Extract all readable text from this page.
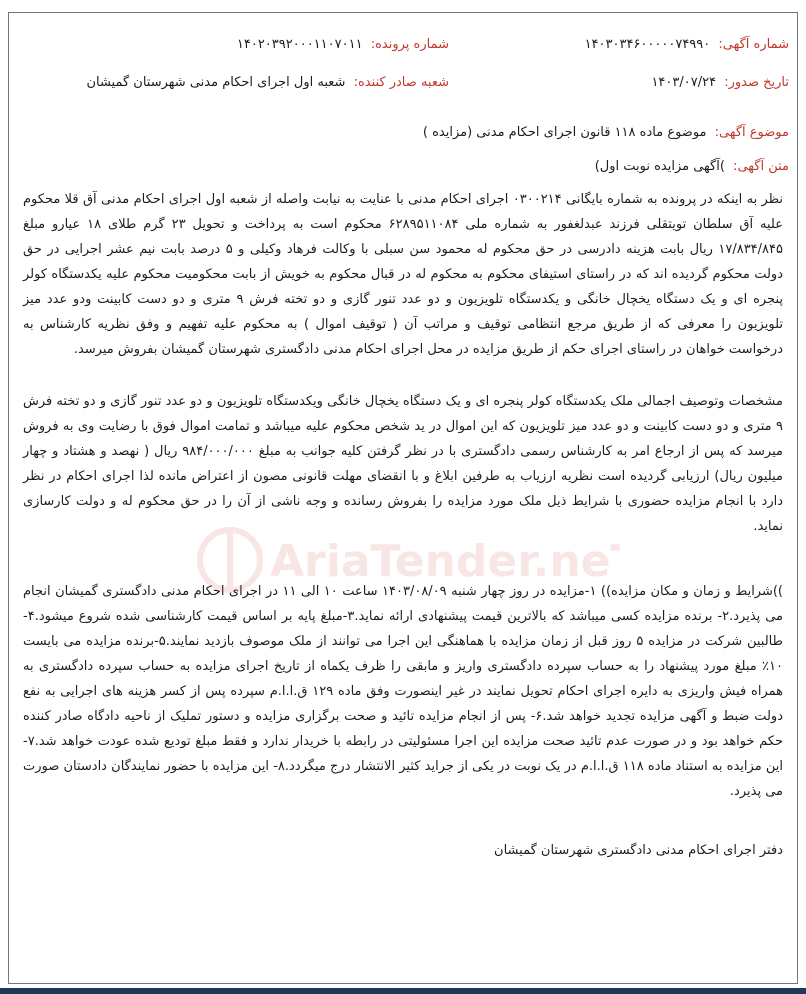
شماره آگهی: ۱۴۰۳۰۳۴۶۰۰۰۰۰۷۴۹۹۰
شماره پرونده: ۱۴۰۲۰۳۹۲۰۰۰۱۱۰۷۰۱۱
تاریخ صدور: ۱۴۰۳/۰۷/۲۴
شعبه صادر کننده: شعبه اول اجرای احکام مدنی شهرستان گمیشان
موضوع آگهی: موضوع ماده ۱۱۸ قانون اجرای احکام مدنی (مزایده )
متن آگهی: )آگهی مزایده نوبت اول)
نظر به اینکه در پرونده به شماره بایگانی ۰۳۰۰۲۱۴ اجرای احکام مدنی با عنایت به نیابت واصله از شعبه اول اجرای احکام مدنی آق قلا محکوم علیه آق سلطان تویتقلی فرزند عبدلغفور به شماره ملی ۶۲۸۹۵۱۱۰۸۴ محکوم است به پرداخت و تحویل ۲۳ گرم طلای ۱۸ عیارو مبلغ ۱۷/۸۳۴/۸۴۵ ریال بابت هزینه دادرسی در حق محکوم له محمود سن سبلی با وکالت فرهاد وکیلی و ۵ درصد بابت نیم عشر اجرایی در حق دولت محکوم گردیده اند که در راستای استیفای محکوم به محکوم له در قبال محکوم به خویش از بابت محکومیت محکوم علیه یکدستگاه کولر پنجره ای و یک دستگاه یخچال خانگی و یکدستگاه تلویزیون و دو عدد تنور گازی و دو تخته فرش ۹ متری و دو دست کابینت ودو عدد میز تلویزیون را معرفی که از طریق مرجع انتظامی توقیف و مراتب آن ( توقیف اموال ) به محکوم علیه تفهیم و وفق نظریه کارشناس به درخواست خواهان در راستای اجرای حکم از طریق مزایده در محل اجرای احکام مدنی دادگستری شهرستان گمیشان بفروش میرسد.
مشخصات وتوصیف اجمالی ملک یکدستگاه کولر پنجره ای و یک دستگاه یخچال خانگی ویکدستگاه تلویزیون و دو عدد تنور گازی و دو تخته فرش ۹ متری و دو دست کابینت و دو عدد میز تلویزیون که این اموال در ید شخص محکوم علیه میباشد و تمامت اموال فوق با رضایت وی به فروش میرسد که پس از ارجاع امر به کارشناس رسمی دادگستری با در نظر گرفتن کلیه جوانب به مبلغ ۹۸۴/۰۰۰/۰۰۰ ریال ( نهصد و هشتاد و چهار میلیون ریال) ارزیابی گردیده است نظریه ارزیاب به طرفین ابلاغ و با انقضای مهلت قانونی مصون از اعتراض مانده لذا اجرای احکام در نظر دارد با انجام مزایده حضوری با شرایط ذیل ملک مورد مزایده را بفروش رسانده و وجه ناشی از آن را در حق محکوم له و دولت کارسازی نماید.
))شرایط و زمان و مکان مزایده)) ۱-مزایده در روز چهار شنبه ۱۴۰۳/۰۸/۰۹ ساعت ۱۰ الی ۱۱ در اجرای احکام مدنی دادگستری گمیشان انجام می پذیرد.۲- برنده مزایده کسی میباشد که بالاترین قیمت پیشنهادی ارائه نماید.۳-مبلغ پایه بر اساس قیمت کارشناسی شده شروع میشود.۴-طالبین شرکت در مزایده ۵ روز قبل از زمان مزایده با هماهنگی این اجرا می توانند از ملک موصوف بازدید نمایند.۵-برنده مزایده می بایست ۱۰٪ مبلغ مورد پیشنهاد را به حساب سپرده دادگستری واریز و مابقی را ظرف یکماه از تاریخ اجرای مزایده به حساب سپرده دادگستری به همراه فیش واریزی به دایره اجرای احکام تحویل نمایند در غیر اینصورت وفق ماده ۱۲۹ ق.ا.ا.م سپرده پس از کسر هزینه های اجرایی به نفع دولت ضبط و آگهی مزایده تجدید خواهد شد.۶- پس از انجام مزایده تائید و صحت برگزاری مزایده و دستور تملیک از ناحیه دادگاه صادر کننده حکم خواهد بود و در صورت عدم تائید صحت مزایده این اجرا مسئولیتی در رابطه با خریدار ندارد و فقط مبلغ تودیع شده عودت خواهد شد.۷- این مزایده به استناد ماده ۱۱۸ ق.ا.ا.م در یک نوبت در یکی از جراید کثیر الانتشار درج میگردد.۸- این مزایده با حضور نمایندگان دادستان صورت می پذیرد.
دفتر اجرای احکام مدنی دادگستری شهرستان گمیشان
AriaTender.neT
